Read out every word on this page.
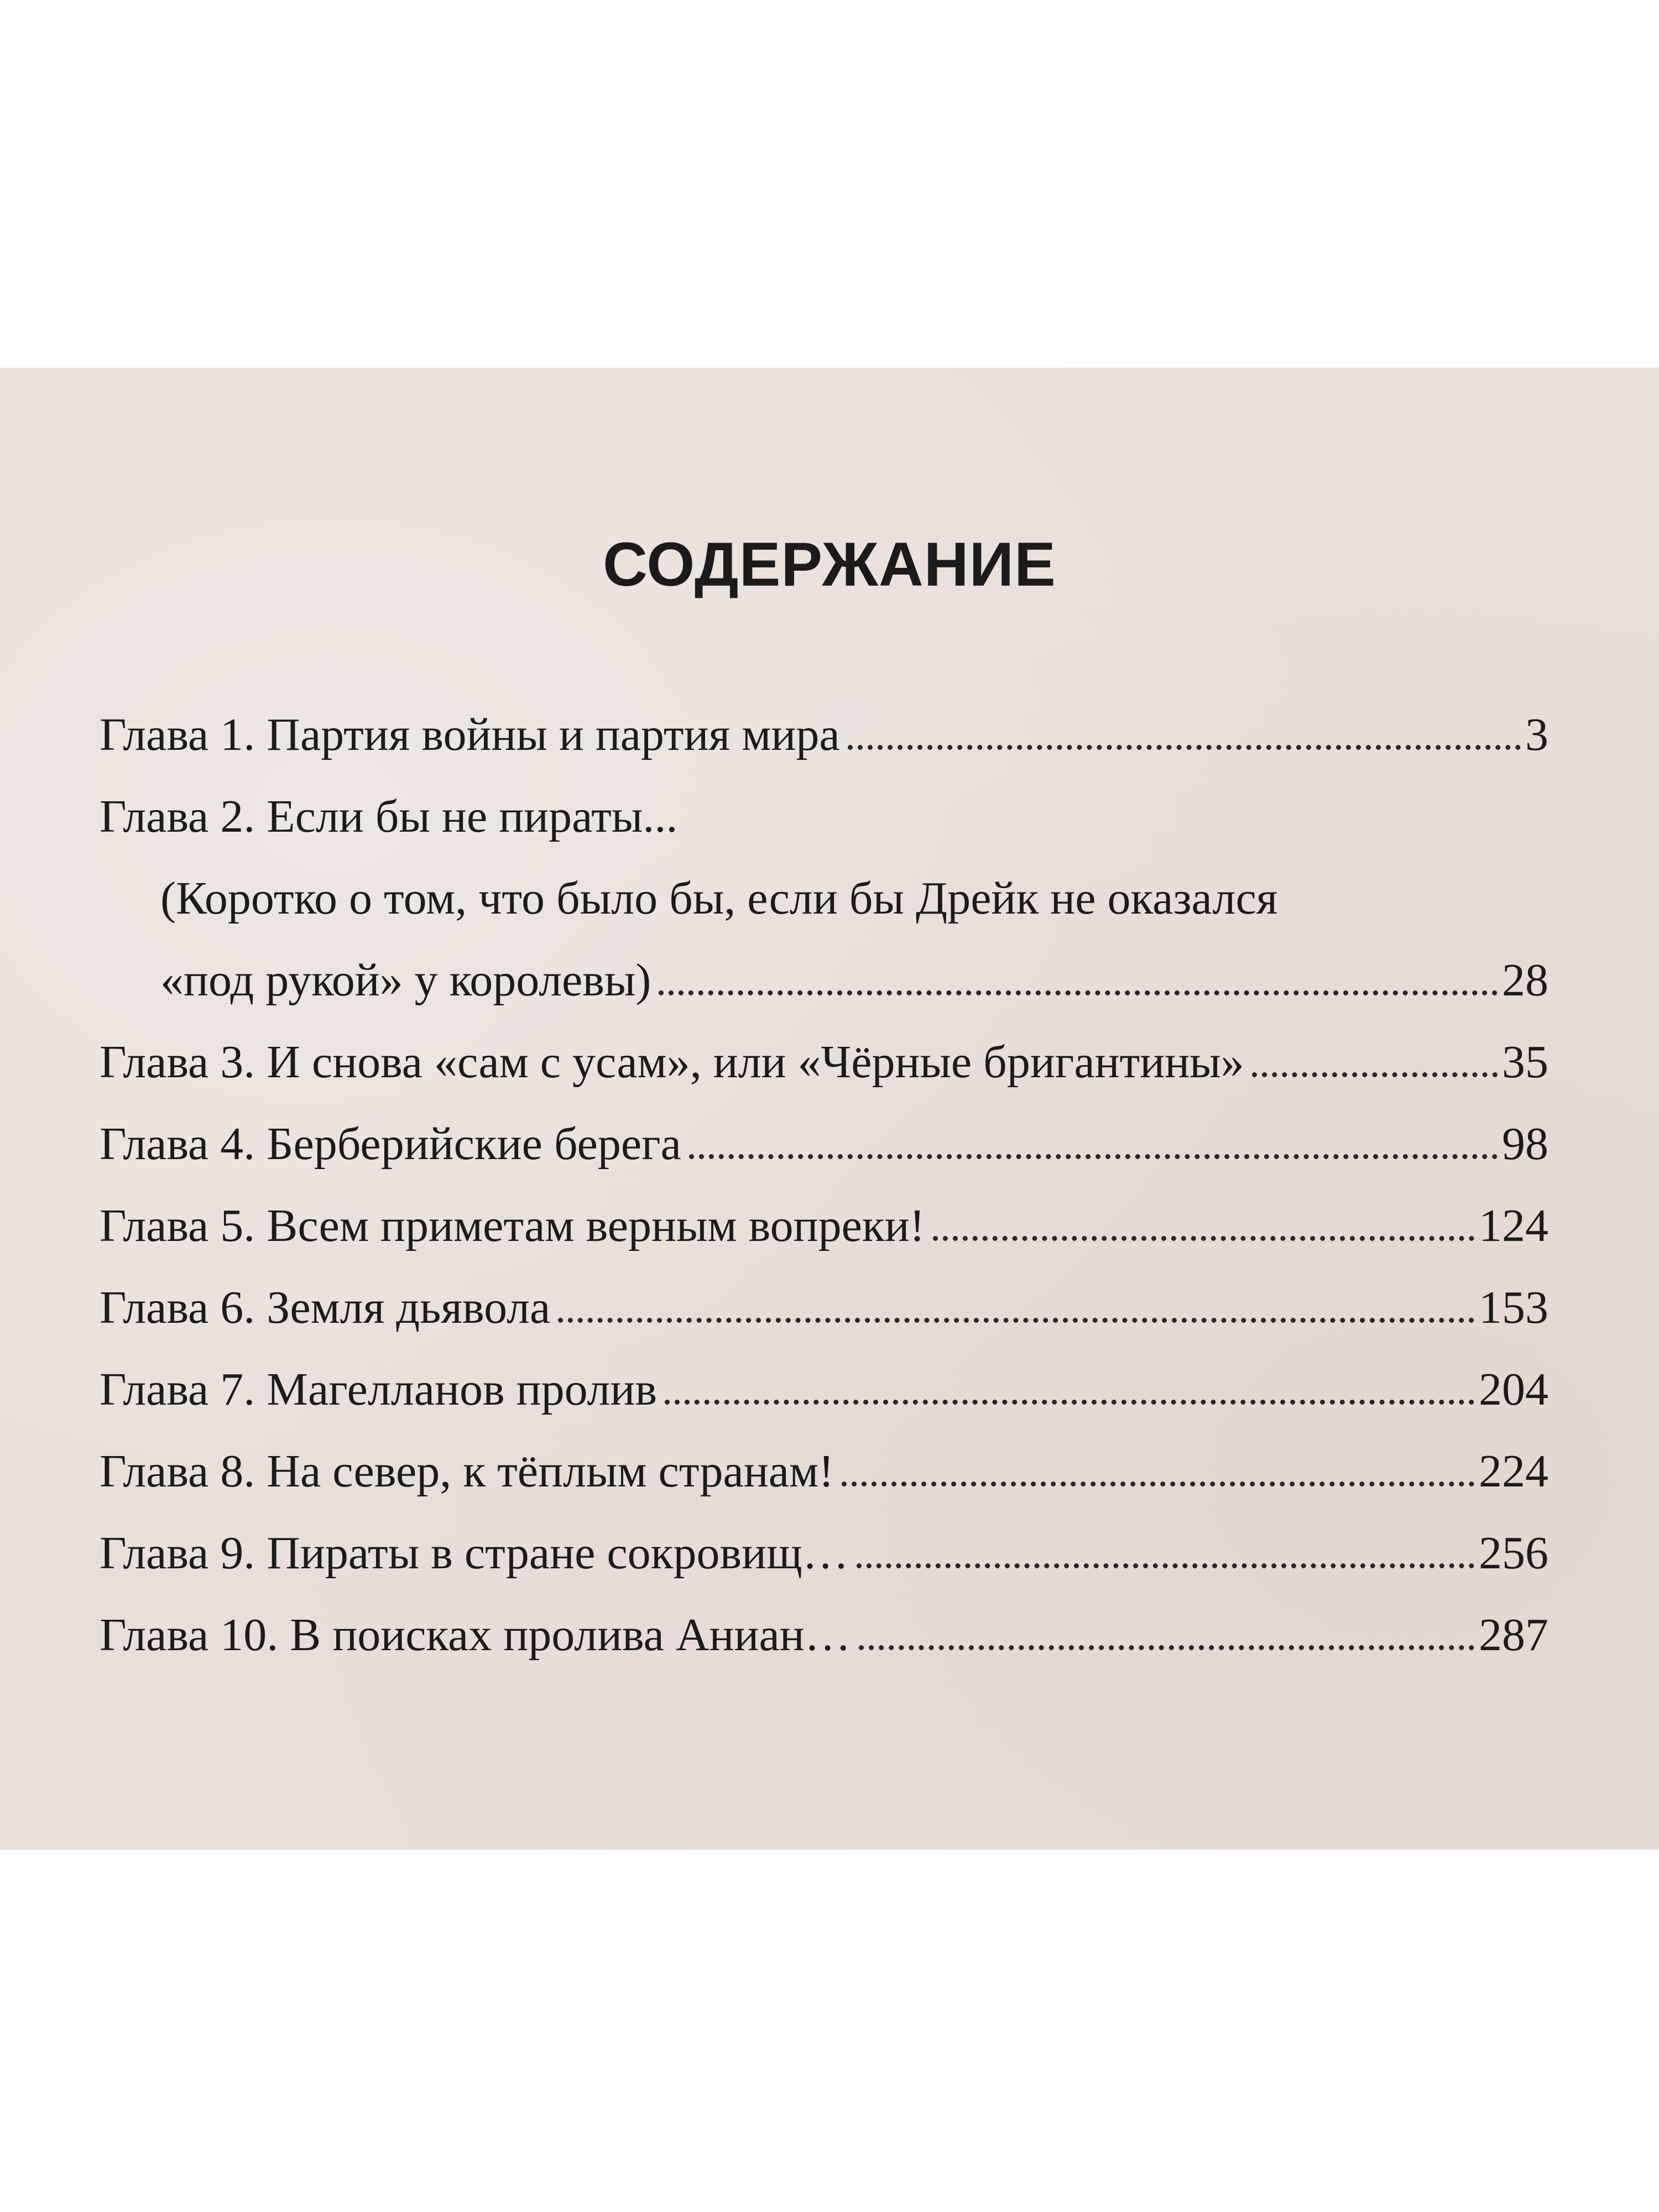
СОДЕРЖАНИЕ
Глава 1. Партия войны и партия мира	3
Глава 2. Если бы не пираты...
(Коротко о том, что было бы, если бы Дрейк не оказался
«под рукой» у королевы)	28
Глава 3. И снова «сам с усам», или «Чёрные бригантины»	35
Глава 4. Берберийские берега	98
Глава 5. Всем приметам верным вопреки!	124
Глава 6. Земля дьявола	153
Глава 7. Магелланов пролив	204
Глава 8. На север, к тёплым странам!	224
Глава 9. Пираты в стране сокровищ…	256
Глава 10. В поисках пролива Аниан…	287
